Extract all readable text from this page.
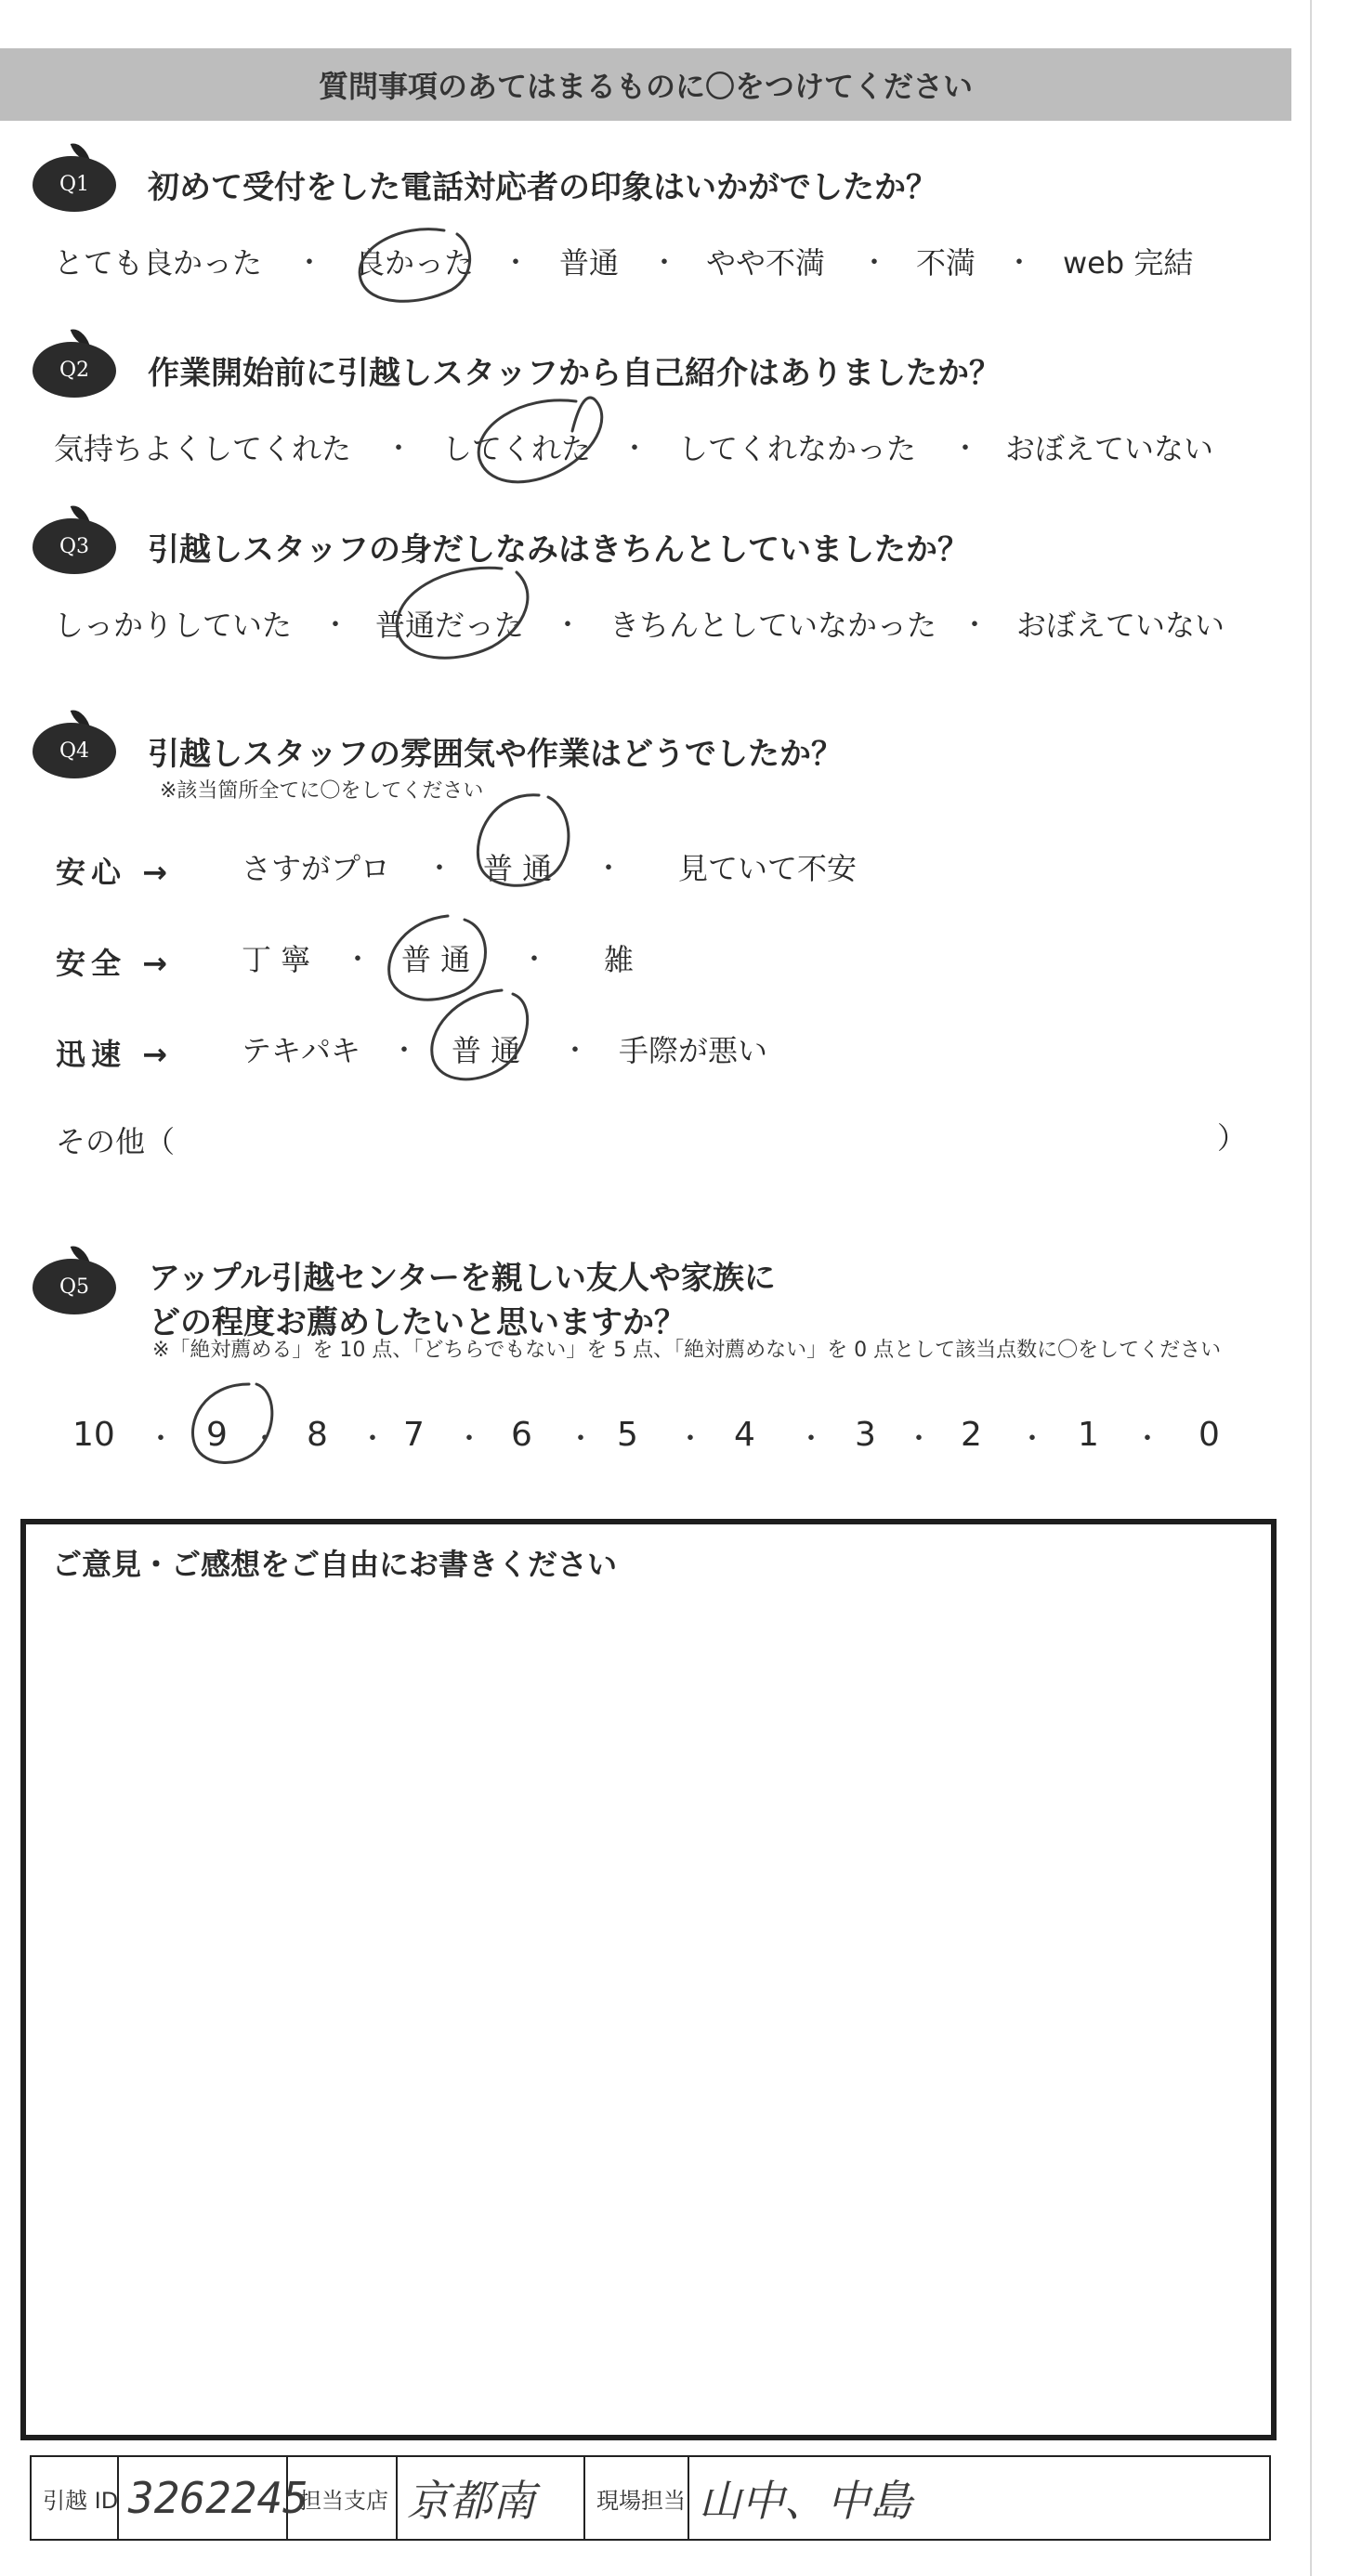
質問事項のあてはまるものに〇をつけてください
Q1	初めて受付をした電話対応者の印象はいかがでしたか？
とても良かった ・ 良かった ・ 普通 ・ やや不満 ・ 不満 ・ web 完結
Q2	作業開始前に引越しスタッフから自己紹介はありましたか？
気持ちよくしてくれた ・ してくれた ・ してくれなかった ・ おぼえていない
Q3	引越しスタッフの身だしなみはきちんとしていましたか？
しっかりしていた ・ 普通だった ・ きちんとしていなかった ・ おぼえていない
Q4	引越しスタッフの雰囲気や作業はどうでしたか？
※該当箇所全てに〇をしてください
安心 → さすがプロ ・ 普 通 ・ 見ていて不安
安全 → 丁 寧 ・ 普 通 ・ 雑
迅速 → テキパキ ・ 普 通 ・ 手際が悪い
その他（	）
Q5	アップル引越センターを親しい友人や家族に
どの程度お薦めしたいと思いますか？
※「絶対薦める」を 10 点、「どちらでもない」を 5 点、「絶対薦めない」を 0 点として該当点数に〇をしてください
10 ・ 9 ・ 8 ・ 7 ・ 6 ・ 5 ・ 4 ・ 3 ・ 2 ・ 1 ・ 0
ご意見・ご感想をご自由にお書きください
引越 ID 3262245
担当支店 京都南	現場担当 山中、中島
